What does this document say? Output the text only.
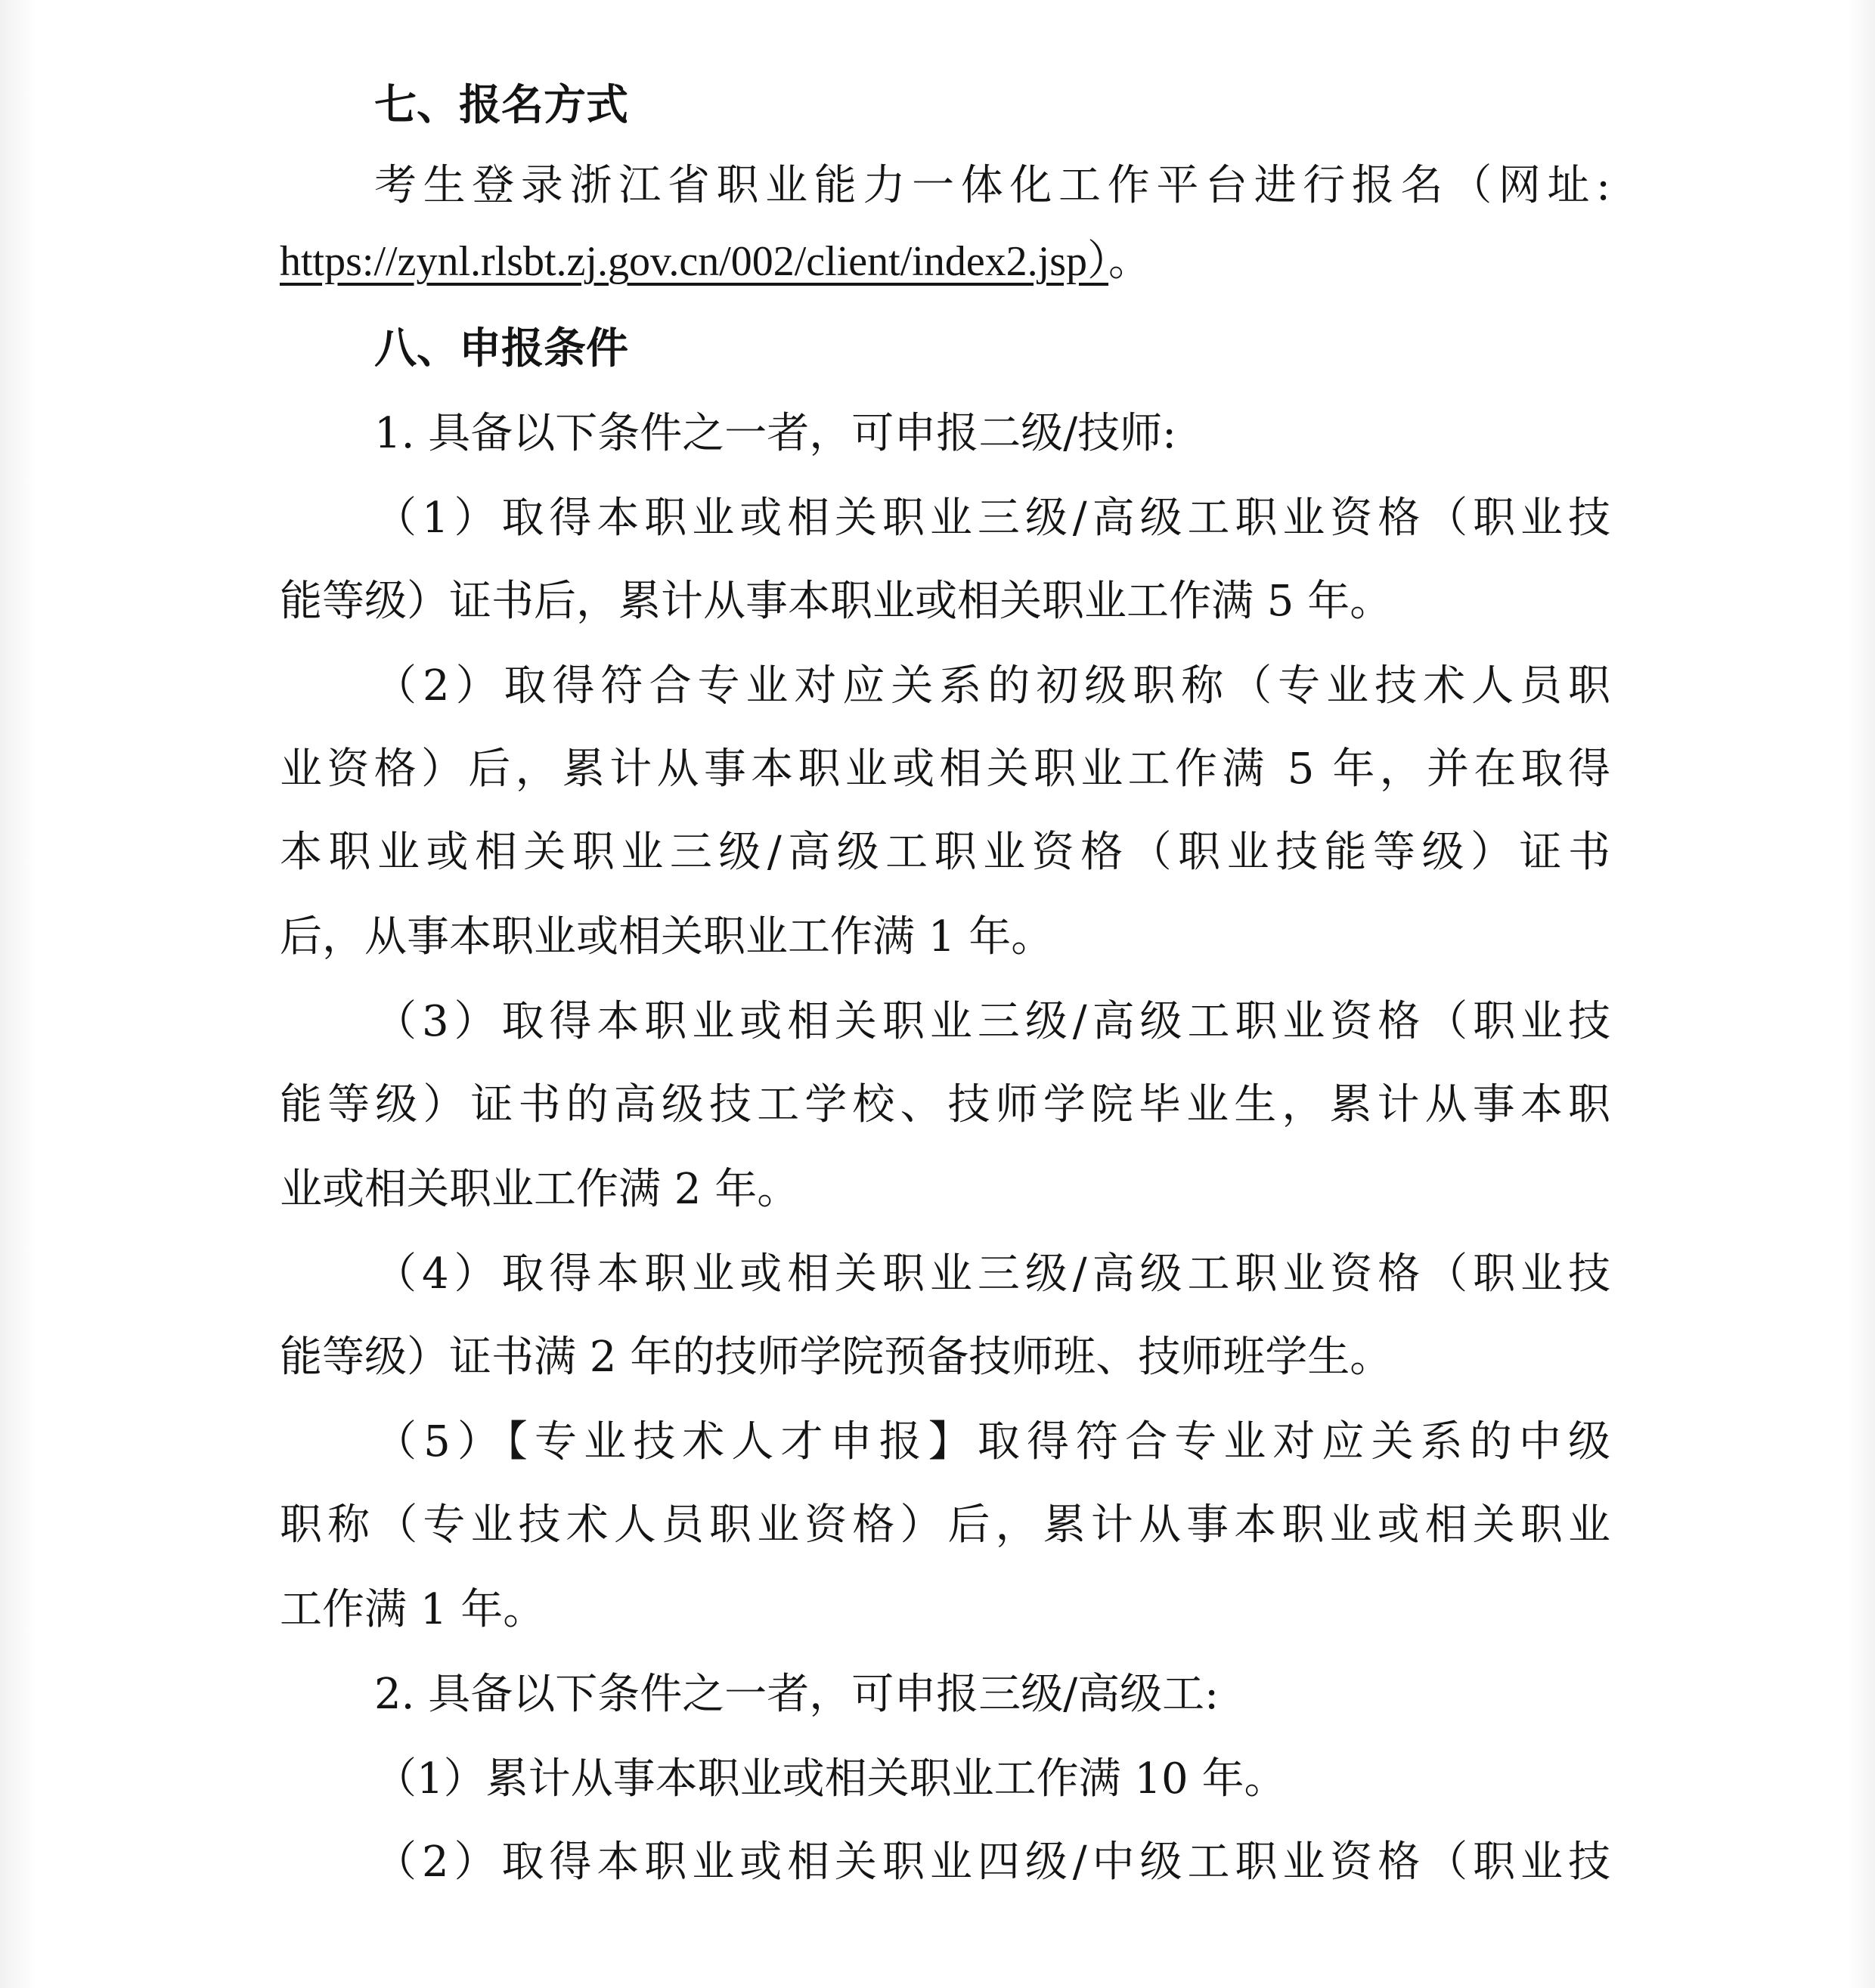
七、报名方式
考生登录浙江省职业能力一体化工作平台进行报名（网址:
https://zynl.rlsbt.zj.gov.cn/002/client/index2.jsp）。
八、申报条件
1. 具备以下条件之一者，可申报二级/技师:
（1）取得本职业或相关职业三级/高级工职业资格（职业技
能等级）证书后，累计从事本职业或相关职业工作满 5 年。
（2）取得符合专业对应关系的初级职称（专业技术人员职
业资格）后，累计从事本职业或相关职业工作满 5 年，并在取得
本职业或相关职业三级/高级工职业资格（职业技能等级）证书
后，从事本职业或相关职业工作满 1 年。
（3）取得本职业或相关职业三级/高级工职业资格（职业技
能等级）证书的高级技工学校、技师学院毕业生，累计从事本职
业或相关职业工作满 2 年。
（4）取得本职业或相关职业三级/高级工职业资格（职业技
能等级）证书满 2 年的技师学院预备技师班、技师班学生。
（5）【专业技术人才申报】取得符合专业对应关系的中级
职称（专业技术人员职业资格）后，累计从事本职业或相关职业
工作满 1 年。
2. 具备以下条件之一者，可申报三级/高级工:
（1）累计从事本职业或相关职业工作满 10 年。
（2）取得本职业或相关职业四级/中级工职业资格（职业技
